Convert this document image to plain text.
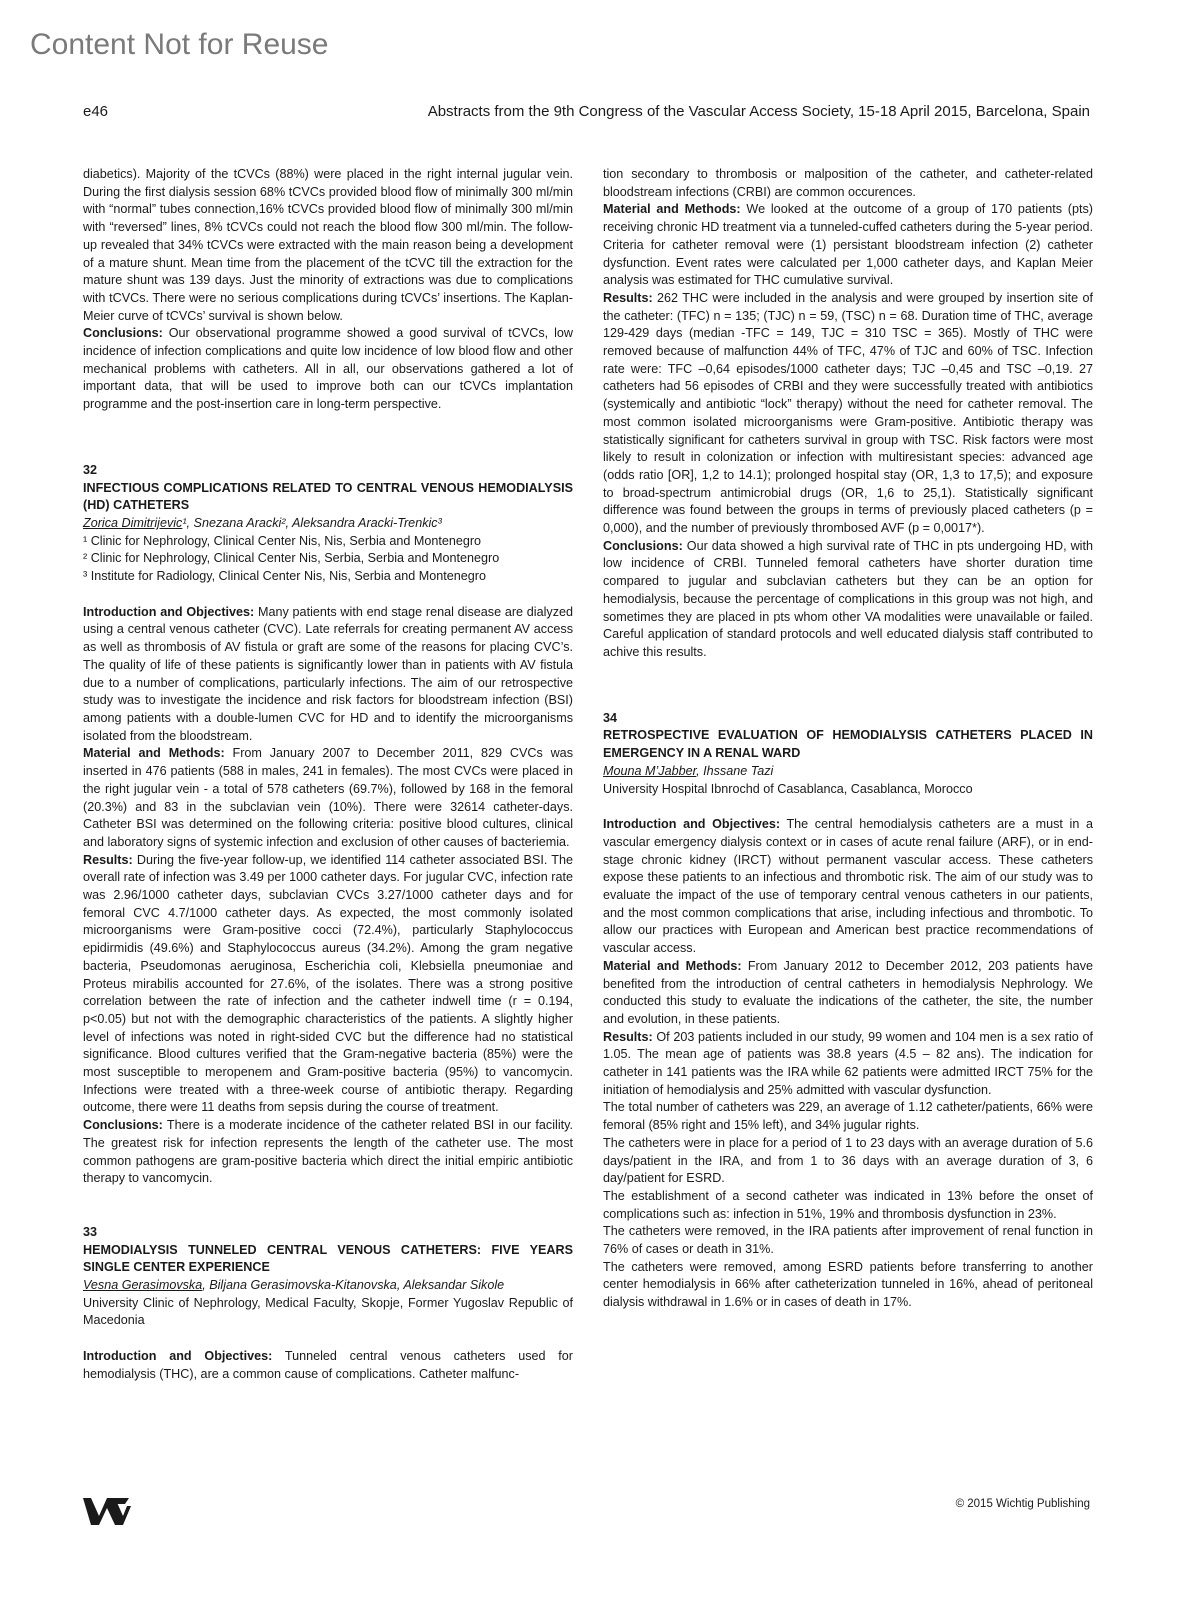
Content Not for Reuse
e46	Abstracts from the 9th Congress of the Vascular Access Society, 15-18 April 2015, Barcelona, Spain

diabetics). Majority of the tCVCs (88%) were placed in the right internal jugular vein. During the first dialysis session 68% tCVCs provided blood flow of minimally 300 ml/min with “normal” tubes connection,16% tCVCs provided blood flow of minimally 300 ml/min with “reversed” lines, 8% tCVCs could not reach the blood flow 300 ml/min. The follow-up revealed that 34% tCVCs were extracted with the main reason being a development of a mature shunt. Mean time from the placement of the tCVC till the extraction for the mature shunt was 139 days. Just the minority of extractions was due to complications with tCVCs. There were no serious complications during tCVCs’ insertions. The Kaplan-Meier curve of tCVCs’ survival is shown below.

Conclusions: Our observational programme showed a good survival of tCVCs, low incidence of infection complications and quite low incidence of low blood flow and other mechanical problems with catheters. All in all, our observations gathered a lot of important data, that will be used to improve both can our tCVCs implantation programme and the post-insertion care in long-term perspective.

32

INFECTIOUS COMPLICATIONS RELATED TO CENTRAL VENOUS HEMODIALYSIS (HD) CATHETERS

Zorica Dimitrijevic¹, Snezana Aracki², Aleksandra Aracki-Trenkic³

¹ Clinic for Nephrology, Clinical Center Nis, Nis, Serbia and Montenegro

² Clinic for Nephrology, Clinical Center Nis, Serbia, Serbia and Montenegro

³ Institute for Radiology, Clinical Center Nis, Nis, Serbia and Montenegro

Introduction and Objectives: Many patients with end stage renal disease are dialyzed using a central venous catheter (CVC). Late referrals for creating permanent AV access as well as thrombosis of AV fistula or graft are some of the reasons for placing CVC’s. The quality of life of these patients is significantly lower than in patients with AV fistula due to a number of complications, particularly infections. The aim of our retrospective study was to investigate the incidence and risk factors for bloodstream infection (BSI) among patients with a double-lumen CVC for HD and to identify the microorganisms isolated from the bloodstream.

Material and Methods: From January 2007 to December 2011, 829 CVCs was inserted in 476 patients (588 in males, 241 in females). The most CVCs were placed in the right jugular vein - a total of 578 catheters (69.7%), followed by 168 in the femoral (20.3%) and 83 in the subclavian vein (10%). There were 32614 catheter-days. Catheter BSI was determined on the following criteria: positive blood cultures, clinical and laboratory signs of systemic infection and exclusion of other causes of bacteriemia.

Results: During the five-year follow-up, we identified 114 catheter associated BSI. The overall rate of infection was 3.49 per 1000 catheter days. For jugular CVC, infection rate was 2.96/1000 catheter days, subclavian CVCs 3.27/1000 catheter days and for femoral CVC 4.7/1000 catheter days. As expected, the most commonly isolated microorganisms were Gram-positive cocci (72.4%), particularly Staphylococcus epidirmidis (49.6%) and Staphylococcus aureus (34.2%). Among the gram negative bacteria, Pseudomonas aeruginosa, Escherichia coli, Klebsiella pneumoniae and Proteus mirabilis accounted for 27.6%, of the isolates. There was a strong positive correlation between the rate of infection and the catheter indwell time (r = 0.194, p<0.05) but not with the demographic characteristics of the patients. A slightly higher level of infections was noted in right-sided CVC but the difference had no statistical significance. Blood cultures verified that the Gram-negative bacteria (85%) were the most susceptible to meropenem and Gram-positive bacteria (95%) to vancomycin. Infections were treated with a three-week course of antibiotic therapy. Regarding outcome, there were 11 deaths from sepsis during the course of treatment.

Conclusions: There is a moderate incidence of the catheter related BSI in our facility. The greatest risk for infection represents the length of the catheter use. The most common pathogens are gram-positive bacteria which direct the initial empiric antibiotic therapy to vancomycin.

33

HEMODIALYSIS TUNNELED CENTRAL VENOUS CATHETERS: FIVE YEARS SINGLE CENTER EXPERIENCE

Vesna Gerasimovska, Biljana Gerasimovska-Kitanovska, Aleksandar Sikole

University Clinic of Nephrology, Medical Faculty, Skopje, Former Yugoslav Republic of Macedonia

Introduction and Objectives: Tunneled central venous catheters used for hemodialysis (THC), are a common cause of complications. Catheter malfunc-

tion secondary to thrombosis or malposition of the catheter, and catheter-related bloodstream infections (CRBI) are common occurences.

Material and Methods: We looked at the outcome of a group of 170 patients (pts) receiving chronic HD treatment via a tunneled-cuffed catheters during the 5-year period. Criteria for catheter removal were (1) persistant bloodstream infection (2) catheter dysfunction. Event rates were calculated per 1,000 catheter days, and Kaplan Meier analysis was estimated for THC cumulative survival.

Results: 262 THC were included in the analysis and were grouped by insertion site of the catheter: (TFC) n = 135; (TJC) n = 59, (TSC) n = 68. Duration time of THC, average 129-429 days (median -TFC = 149, TJC = 310 TSC = 365). Mostly of THC were removed because of malfunction 44% of TFC, 47% of TJC and 60% of TSC. Infection rate were: TFC –0,64 episodes/1000 catheter days; TJC –0,45 and TSC –0,19. 27 catheters had 56 episodes of CRBI and they were successfully treated with antibiotics (systemically and antibiotic “lock” therapy) without the need for catheter removal. The most common isolated microorganisms were Gram-positive. Antibiotic therapy was statistically significant for catheters survival in group with TSC. Risk factors were most likely to result in colonization or infection with multiresistant species: advanced age (odds ratio [OR], 1,2 to 14.1); prolonged hospital stay (OR, 1,3 to 17,5); and exposure to broad-spectrum antimicrobial drugs (OR, 1,6 to 25,1). Statistically significant difference was found between the groups in terms of previously placed catheters (p = 0,000), and the number of previously thrombosed AVF (p = 0,0017*).

Conclusions: Our data showed a high survival rate of THC in pts undergoing HD, with low incidence of CRBI. Tunneled femoral catheters have shorter duration time compared to jugular and subclavian catheters but they can be an option for hemodialysis, because the percentage of complications in this group was not high, and sometimes they are placed in pts whom other VA modalities were unavailable or failed. Careful application of standard protocols and well educated dialysis staff contributed to achive this results.

34

RETROSPECTIVE EVALUATION OF HEMODIALYSIS CATHETERS PLACED IN EMERGENCY IN A RENAL WARD

Mouna M’Jabber, Ihssane Tazi

University Hospital Ibnrochd of Casablanca, Casablanca, Morocco

Introduction and Objectives: The central hemodialysis catheters are a must in a vascular emergency dialysis context or in cases of acute renal failure (ARF), or in end-stage chronic kidney (IRCT) without permanent vascular access. These catheters expose these patients to an infectious and thrombotic risk. The aim of our study was to evaluate the impact of the use of temporary central venous catheters in our patients, and the most common complications that arise, including infectious and thrombotic. To allow our practices with European and American best practice recommendations of vascular access.

Material and Methods: From January 2012 to December 2012, 203 patients have benefited from the introduction of central catheters in hemodialysis Nephrology. We conducted this study to evaluate the indications of the catheter, the site, the number and evolution, in these patients.

Results: Of 203 patients included in our study, 99 women and 104 men is a sex ratio of 1.05. The mean age of patients was 38.8 years (4.5 – 82 ans). The indication for catheter in 141 patients was the IRA while 62 patients were admitted IRCT 75% for the initiation of hemodialysis and 25% admitted with vascular dysfunction.

The total number of catheters was 229, an average of 1.12 catheter/patients, 66% were femoral (85% right and 15% left), and 34% jugular rights.

The catheters were in place for a period of 1 to 23 days with an average duration of 5.6 days/patient in the IRA, and from 1 to 36 days with an average duration of 3, 6 day/patient for ESRD.

The establishment of a second catheter was indicated in 13% before the onset of complications such as: infection in 51%, 19% and thrombosis dysfunction in 23%.

The catheters were removed, in the IRA patients after improvement of renal function in 76% of cases or death in 31%.

The catheters were removed, among ESRD patients before transferring to another center hemodialysis in 66% after catheterization tunneled in 16%, ahead of peritoneal dialysis withdrawal in 1.6% or in cases of death in 17%.

© 2015 Wichtig Publishing
